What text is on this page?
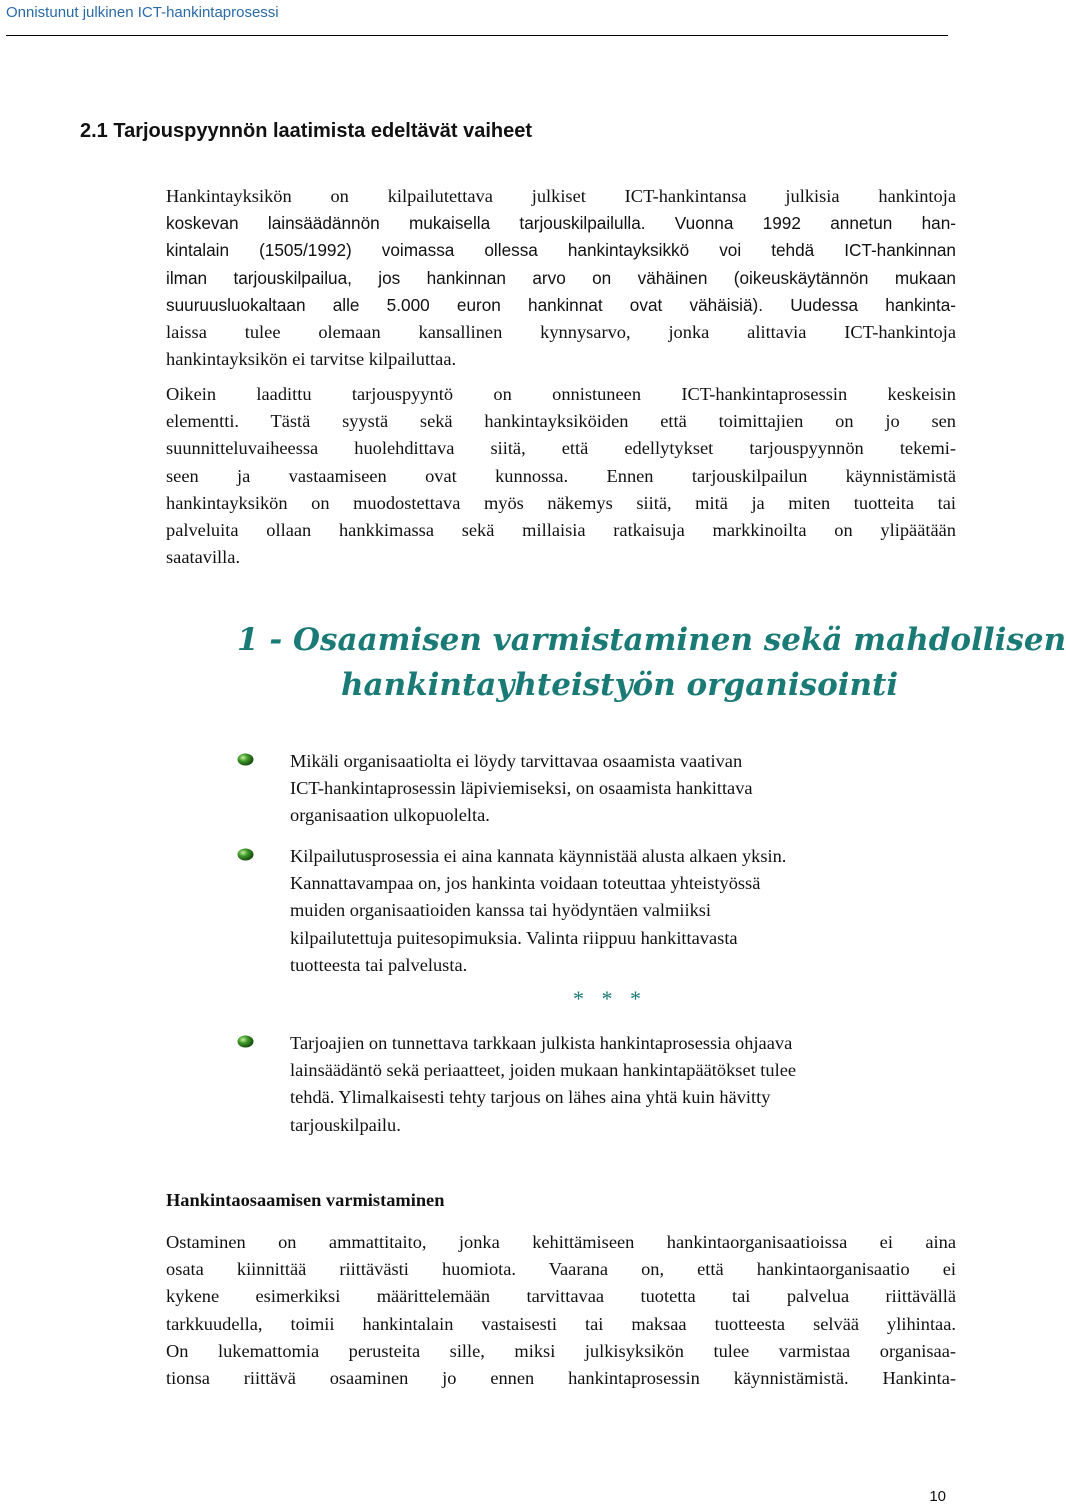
Onnistunut julkinen ICT-hankintaprosessi

2.1 Tarjouspyynnön laatimista edeltävät vaiheet
Hankintayksikön on kilpailutettava julkiset ICT-hankintansa julkisia hankintoja
koskevan lainsäädännön mukaisella tarjouskilpailulla. Vuonna 1992 annetun han-
kintalain (1505/1992) voimassa ollessa hankintayksikkö voi tehdä ICT-hankinnan
ilman tarjouskilpailua, jos hankinnan arvo on vähäinen (oikeuskäytännön mukaan
suuruusluokaltaan alle 5.000 euron hankinnat ovat vähäisiä). Uudessa hankinta-
laissa tulee olemaan kansallinen kynnysarvo, jonka alittavia ICT-hankintoja
hankintayksikön ei tarvitse kilpailuttaa.
Oikein laadittu tarjouspyyntö on onnistuneen ICT-hankintaprosessin keskeisin
elementti. Tästä syystä sekä hankintayksiköiden että toimittajien on jo sen
suunnitteluvaiheessa huolehdittava siitä, että edellytykset tarjouspyynnön tekemi-
seen ja vastaamiseen ovat kunnossa. Ennen tarjouskilpailun käynnistämistä
hankintayksikön on muodostettava myös näkemys siitä, mitä ja miten tuotteita tai
palveluita ollaan hankkimassa sekä millaisia ratkaisuja markkinoilta on ylipäätään
saatavilla.
1 - Osaamisen varmistaminen sekä mahdollisen
hankintayhteistyön organisointi
Mikäli organisaatiolta ei löydy tarvittavaa osaamista vaativan
ICT-hankintaprosessin läpiviemiseksi, on osaamista hankittava
organisaation ulkopuolelta.
Kilpailutusprosessia ei aina kannata käynnistää alusta alkaen yksin.
Kannattavampaa on, jos hankinta voidaan toteuttaa yhteistyössä
muiden organisaatioiden kanssa tai hyödyntäen valmiiksi
kilpailutettuja puitesopimuksia. Valinta riippuu hankittavasta
tuotteesta tai palvelusta.

* * *

Tarjoajien on tunnettava tarkkaan julkista hankintaprosessia ohjaava
lainsäädäntö sekä periaatteet, joiden mukaan hankintapäätökset tulee
tehdä. Ylimalkaisesti tehty tarjous on lähes aina yhtä kuin hävitty
tarjouskilpailu.
Hankintaosaamisen varmistaminen
Ostaminen on ammattitaito, jonka kehittämiseen hankintaorganisaatioissa ei aina
osata kiinnittää riittävästi huomiota. Vaarana on, että hankintaorganisaatio ei
kykene esimerkiksi määrittelemään tarvittavaa tuotetta tai palvelua riittävällä
tarkkuudella, toimii hankintalain vastaisesti tai maksaa tuotteesta selvää ylihintaa.
On lukemattomia perusteita sille, miksi julkisyksikön tulee varmistaa organisaa-
tionsa riittävä osaaminen jo ennen hankintaprosessin käynnistämistä. Hankinta-

10
